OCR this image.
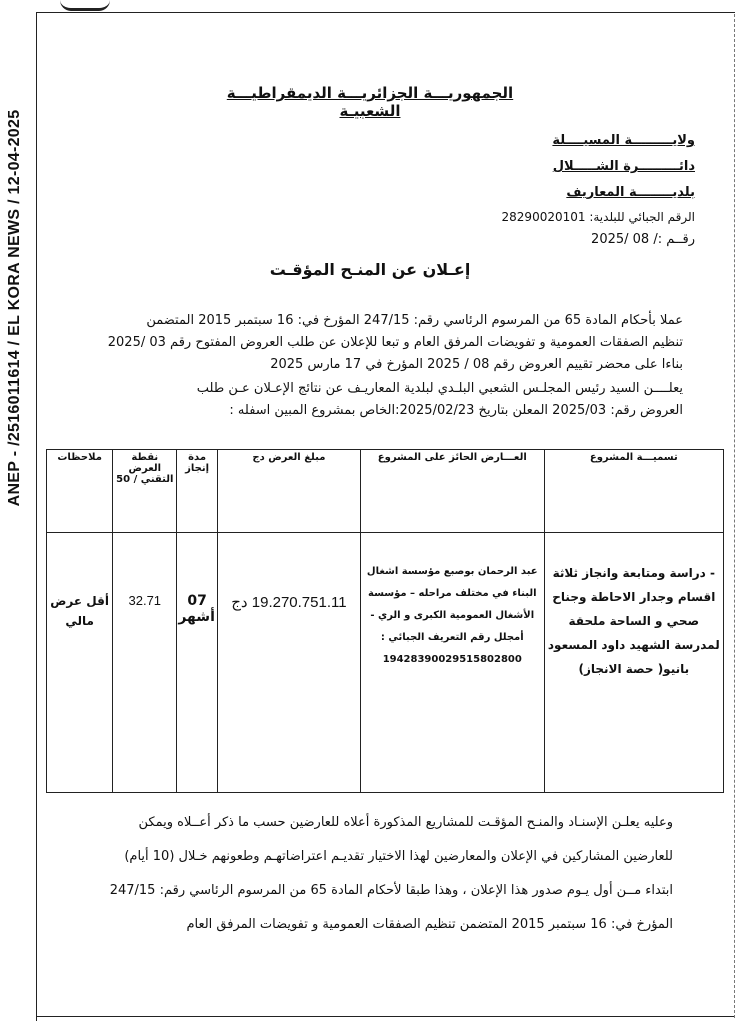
ANEP - /2516011614 / EL KORA NEWS / 12-04-2025
الجمهوريـــة الجزائريـــة الديمقراطيـــة الشعبيـة
ولايـــــــــة المسيــــلة
دائـــــــــرة الشـــــلال
بلديــــــــة المعاريف
الرقم الجبائي للبلدية: 28290020101
رقــم :/ 08 /2025
إعـلان عن المنـح المؤقـت
عملا بأحكام المادة 65 من المرسوم الرئاسي رقم: 247/15 المؤرخ في: 16 سبتمبر 2015 المتضمن
تنظيم الصفقات العمومية و تفويضات المرفق العام و تبعا للإعلان عن طلب العروض المفتوح رقم 03 /2025
بناءا على محضر تقييم العروض رقم 08 / 2025 المؤرخ في 17 مارس 2025
يعلــــن السيد رئيس المجلـس الشعبي البلـدي لبلدية المعاريـف عن نتائج الإعـلان عـن طلب
العروض رقم: 2025/03 المعلن بتاريخ 2025/02/23:الخاص بمشروع المبين اسفله :
تسميـــة المشروع	العـــارض الحائز على المشروع	مبلغ العرض دج	مدة إنجاز	نقطة العرض التقني / 50	ملاحظات
- دراسة ومتابعة وانجاز ثلاثة اقسام وجدار الاحاطة وجناح صحي و الساحة ملحقة لمدرسة الشهيد داود المسعود بانيو( حصة الانجاز)	عبد الرحمان بوصبع مؤسسة اشغال البناء في مختلف مراحله – مؤسسة الأشغال العمومية الكبرى و الري - أمجلل رقم التعريف الجبائي :
19428390029515802800	19.270.751.11 دج	07 أشهر	32.71	أقل عرض مالي
وعليه يعلـن الإسنـاد والمنـح المؤقـت للمشاريع المذكورة أعلاه للعارضين حسب ما ذكر أعــلاه ويمكن
للعارضين المشاركين في الإعلان والمعارضين لهذا الاختيار تقديـم اعتراضاتهـم وطعونهم خـلال (10 أيام)
ابتداء مــن أول يـوم صدور هذا الإعلان ، وهذا طبقا لأحكام المادة 65 من المرسوم الرئاسي رقم: 247/15
المؤرخ في: 16 سبتمبر 2015 المتضمن تنظيم الصفقات العمومية و تفويضات المرفق العام
